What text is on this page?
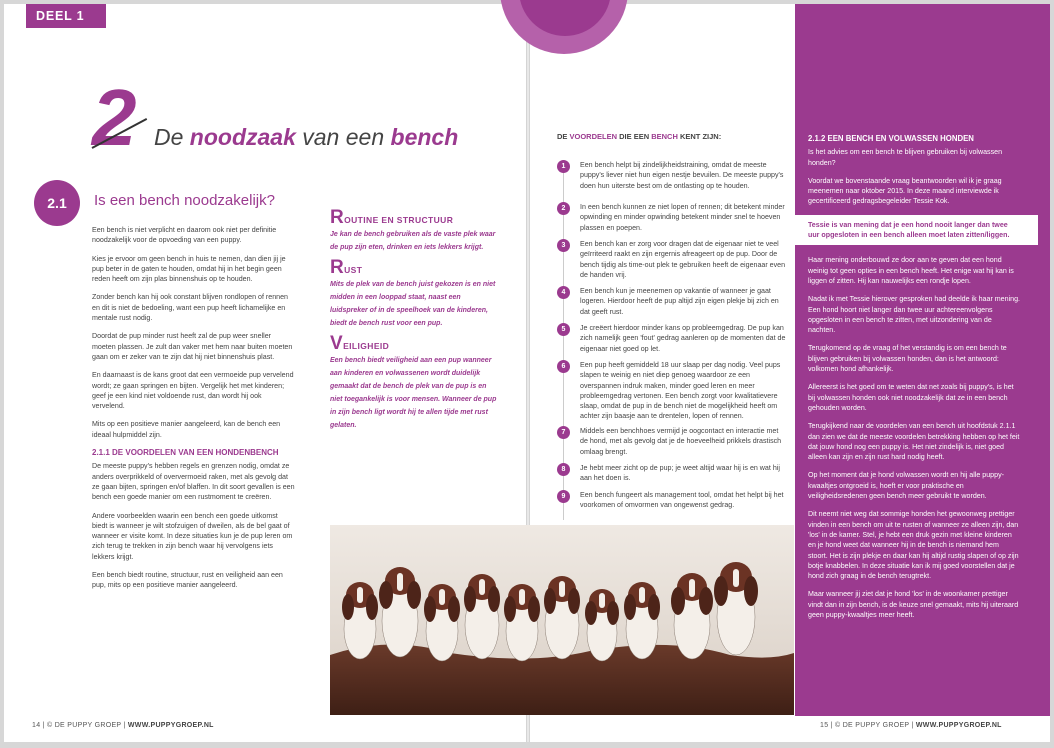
DEEL 1
2 De noodzaak van een bench
2.1	Is een bench noodzakelijk?

Een bench is niet verplicht en daarom ook niet per definitie noodzakelijk voor de opvoeding van een puppy.

Kies je ervoor om geen bench in huis te nemen, dan dien jij je pup beter in de gaten te houden, omdat hij in het begin geen reden heeft om zijn plas binnenshuis op te houden.

Zonder bench kan hij ook constant blijven rondlopen of rennen en dit is niet de bedoeling, want een pup heeft lichamelijke en mentale rust nodig.

Doordat de pup minder rust heeft zal de pup weer sneller moeten plassen. Je zult dan vaker met hem naar buiten moeten gaan om er zeker van te zijn dat hij niet binnenshuis plast.

En daarnaast is de kans groot dat een vermoeide pup vervelend wordt; ze gaan springen en bijten. Vergelijk het met kinderen; geef je een kind niet voldoende rust, dan wordt hij ook vervelend.

Mits op een positieve manier aangeleerd, kan de bench een ideaal hulpmiddel zijn.

2.1.1 DE VOORDELEN VAN EEN HONDENBENCH

De meeste puppy's hebben regels en grenzen nodig, omdat ze anders overprikkeld of oververmoeid raken, met als gevolg dat ze gaan bijten, springen en/of blaffen. In dit soort gevallen is een bench een goede manier om een rustmoment te creëren.

Andere voorbeelden waarin een bench een goede uitkomst biedt is wanneer je wilt stofzuigen of dweilen, als de bel gaat of wanneer er visite komt. In deze situaties kun je de pup leren om zich terug te trekken in zijn bench waar hij vervolgens iets lekkers krijgt.

Een bench biedt routine, structuur, rust en veiligheid aan een pup, mits op een positieve manier aangeleerd.

ROUTINE EN STRUCTUUR
Je kan de bench gebruiken als de vaste plek waar de pup zijn eten, drinken en iets lekkers krijgt.
RUST
Mits de plek van de bench juist gekozen is en niet midden in een looppad staat, naast een luidspreker of in de speelhoek van de kinderen, biedt de bench rust voor een pup.
VEILIGHEID
Een bench biedt veiligheid aan een pup wanneer aan kinderen en volwassenen wordt duidelijk gemaakt dat de bench de plek van de pup is en niet toegankelijk is voor mensen. Wanneer de pup in zijn bench ligt wordt hij te allen tijde met rust gelaten.
DE VOORDELEN DIE EEN BENCH KENT ZIJN:
1	Een bench helpt bij zindelijkheidstraining, omdat de meeste puppy's liever niet hun eigen nestje bevuilen. De meeste puppy's doen hun uiterste best om de ontlasting op te houden.
2	In een bench kunnen ze niet lopen of rennen; dit betekent minder opwinding en minder opwinding betekent minder snel te hoeven plassen en poepen.
3	Een bench kan er zorg voor dragen dat de eigenaar niet te veel geïrriteerd raakt en zijn ergernis afreageert op de pup. Door de bench tijdig als time-out plek te gebruiken heeft de eigenaar even de handen vrij.
4	Een bench kun je meenemen op vakantie of wanneer je gaat logeren. Hierdoor heeft de pup altijd zijn eigen plekje bij zich en dat geeft rust.
5	Je creëert hierdoor minder kans op probleemgedrag. De pup kan zich namelijk geen 'fout' gedrag aanleren op de momenten dat de eigenaar niet goed op let.
6	Een pup heeft gemiddeld 18 uur slaap per dag nodig. Veel pups slapen te weinig en niet diep genoeg waardoor ze een overspannen indruk maken, minder goed leren en meer probleemgedrag vertonen. Een bench zorgt voor kwalitatievere slaap, omdat de pup in de bench niet de mogelijkheid heeft om achter zijn baasje aan te drentelen, lopen of rennen.
7	Middels een benchhoes vermijd je oogcontact en interactie met de hond, met als gevolg dat je de hoeveelheid prikkels drastisch omlaag brengt.
8	Je hebt meer zicht op de pup; je weet altijd waar hij is en wat hij aan het doen is.
9	Een bench fungeert als management tool, omdat het helpt bij het voorkomen of omvormen van ongewenst gedrag.
2.1.2 EEN BENCH EN VOLWASSEN HONDEN

Is het advies om een bench te blijven gebruiken bij volwassen honden?

Voordat we bovenstaande vraag beantwoorden wil ik je graag meenemen naar oktober 2015. In deze maand interviewde ik gecertificeerd gedragsbegeleider Tessie Kok.

Tessie is van mening dat je een hond nooit langer dan twee uur opgesloten in een bench alleen moet laten zitten/liggen.

Haar mening onderbouwd ze door aan te geven dat een hond weinig tot geen opties in een bench heeft. Het enige wat hij kan is liggen of zitten. Hij kan nauwelijks een rondje lopen.

Nadat ik met Tessie hierover gesproken had deelde ik haar mening. Een hond hoort niet langer dan twee uur achtereenvolgens opgesloten in een bench te zitten, met uitzondering van de nachten.

Terugkomend op de vraag of het verstandig is om een bench te blijven gebruiken bij volwassen honden, dan is het antwoord: volkomen hond afhankelijk.

Allereerst is het goed om te weten dat net zoals bij puppy's, is het bij volwassen honden ook niet noodzakelijk dat ze in een bench gehouden worden.

Terugkijkend naar de voordelen van een bench uit hoofdstuk 2.1.1 dan zien we dat de meeste voordelen betrekking hebben op het feit dat jouw hond nog een puppy is. Het niet zindelijk is, niet goed alleen kan zijn en zijn rust hard nodig heeft.

Op het moment dat je hond volwassen wordt en hij alle puppy-kwaaltjes ontgroeid is, hoeft er voor praktische en veiligheidsredenen geen bench meer gebruikt te worden.

Dit neemt niet weg dat sommige honden het gewoonweg prettiger vinden in een bench om uit te rusten of wanneer ze alleen zijn, dan 'los' in de kamer. Stel, je hebt een druk gezin met kleine kinderen en je hond weet dat wanneer hij in de bench is niemand hem stoort. Het is zijn plekje en daar kan hij altijd rustig slapen of op zijn botje knabbelen. In deze situatie kan ik mij goed voorstellen dat je hond zich graag in de bench terugtrekt.

Maar wanneer jij ziet dat je hond 'los' in de woonkamer prettiger vindt dan in zijn bench, is de keuze snel gemaakt, mits hij uiteraard geen puppy-kwaaltjes meer heeft.

14 | © DE PUPPY GROEP | WWW.PUPPYGROEP.NL	15 | © DE PUPPY GROEP | WWW.PUPPYGROEP.NL
